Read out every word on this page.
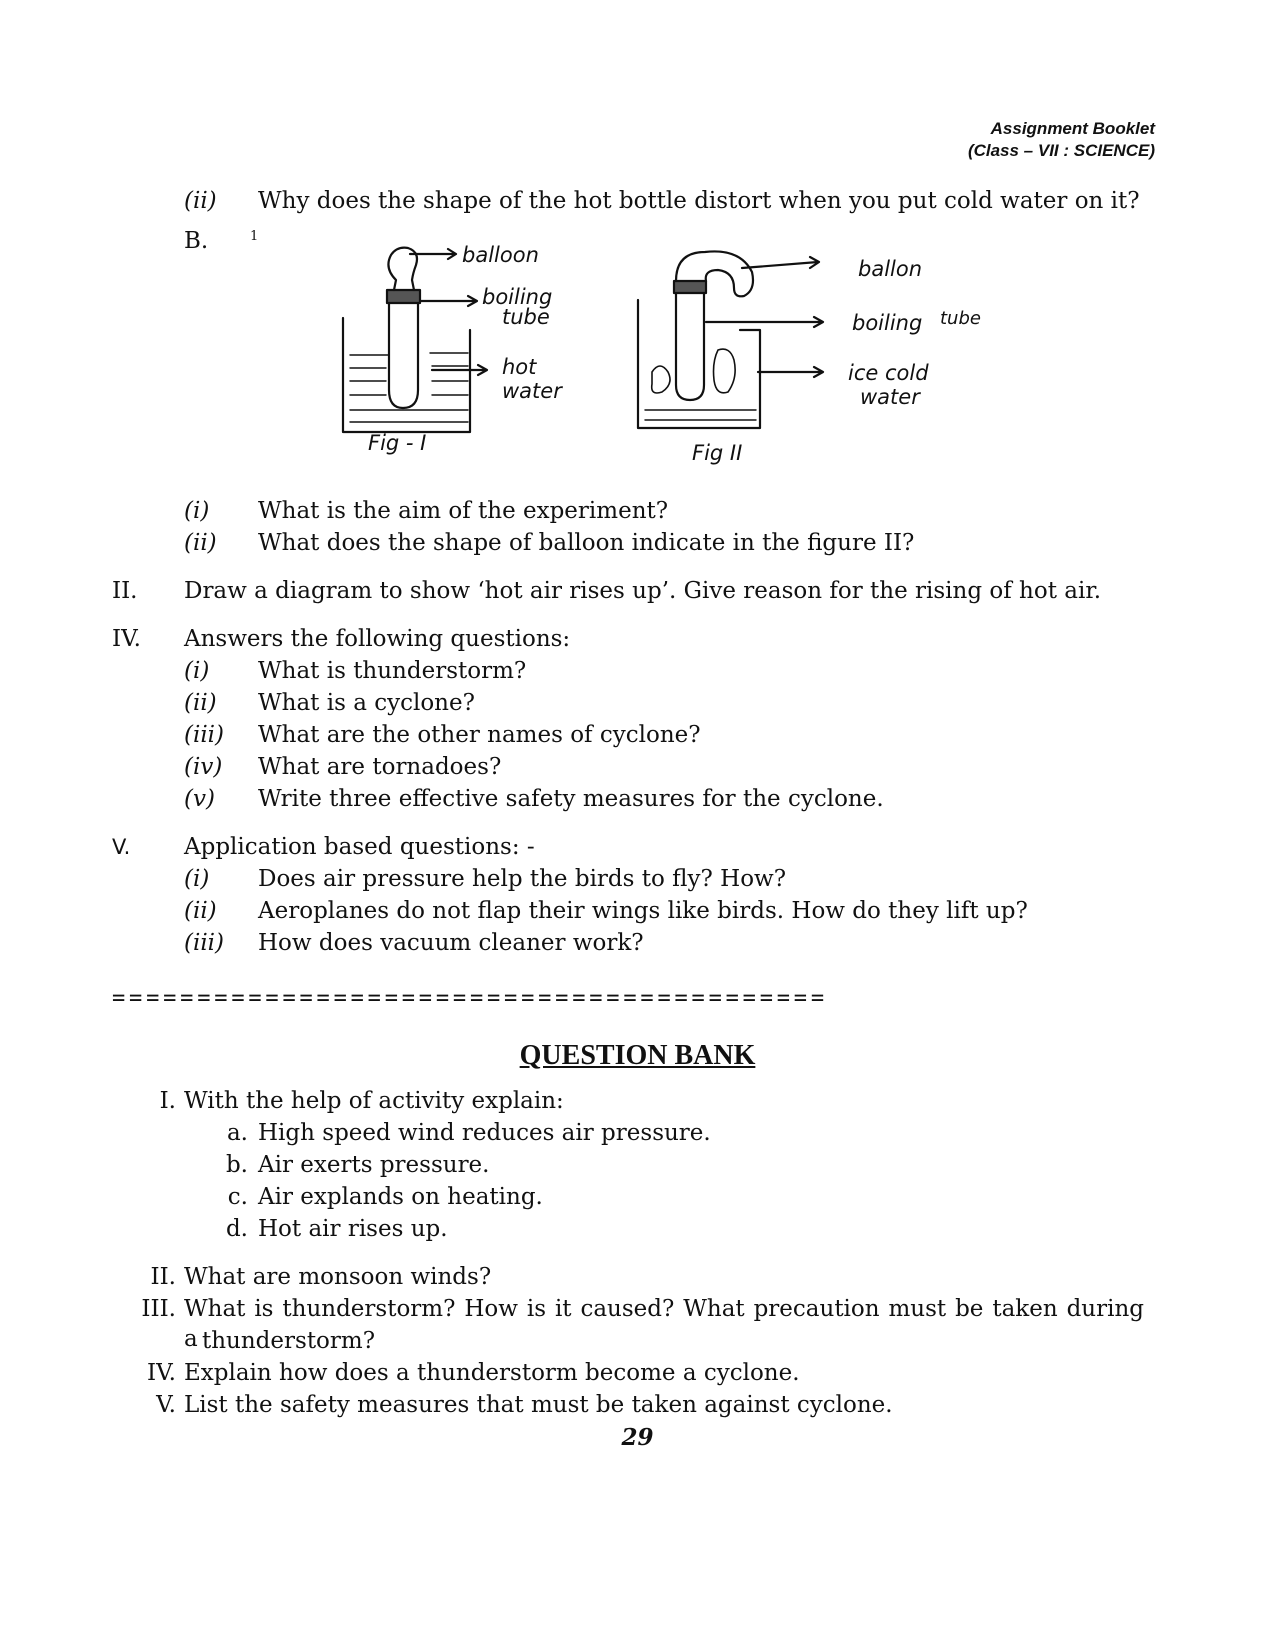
Assignment Booklet
(Class – VII : SCIENCE)
(ii) Why does the shape of the hot bottle distort when you put cold water on it?
B.	1
balloon
boiling
tube
hot
water
Fig - I
ballon
boiling tube
ice cold
water
Fig II
(i) What is the aim of the experiment?
(ii) What does the shape of balloon indicate in the figure II?
II. Draw a diagram to show ‘hot air rises up’. Give reason for the rising of hot air.
IV. Answers the following questions:
(i) What is thunderstorm?
(ii) What is a cyclone?
(iii) What are the other names of cyclone?
(iv) What are tornadoes?
(v) Write three effective safety measures for the cyclone.
V. Application based questions: -
(i) Does air pressure help the birds to fly? How?
(ii) Aeroplanes do not flap their wings like birds. How do they lift up?
(iii) How does vacuum cleaner work?
==========================================
QUESTION BANK
I. With the help of activity explain:
a. High speed wind reduces air pressure.
b. Air exerts pressure.
c. Air explands on heating.
d. Hot air rises up.
II. What are monsoon winds?
III. What is thunderstorm? How is it caused? What precaution must be taken during a thunderstorm?
IV. Explain how does a thunderstorm become a cyclone.
V. List the safety measures that must be taken against cyclone.
29
